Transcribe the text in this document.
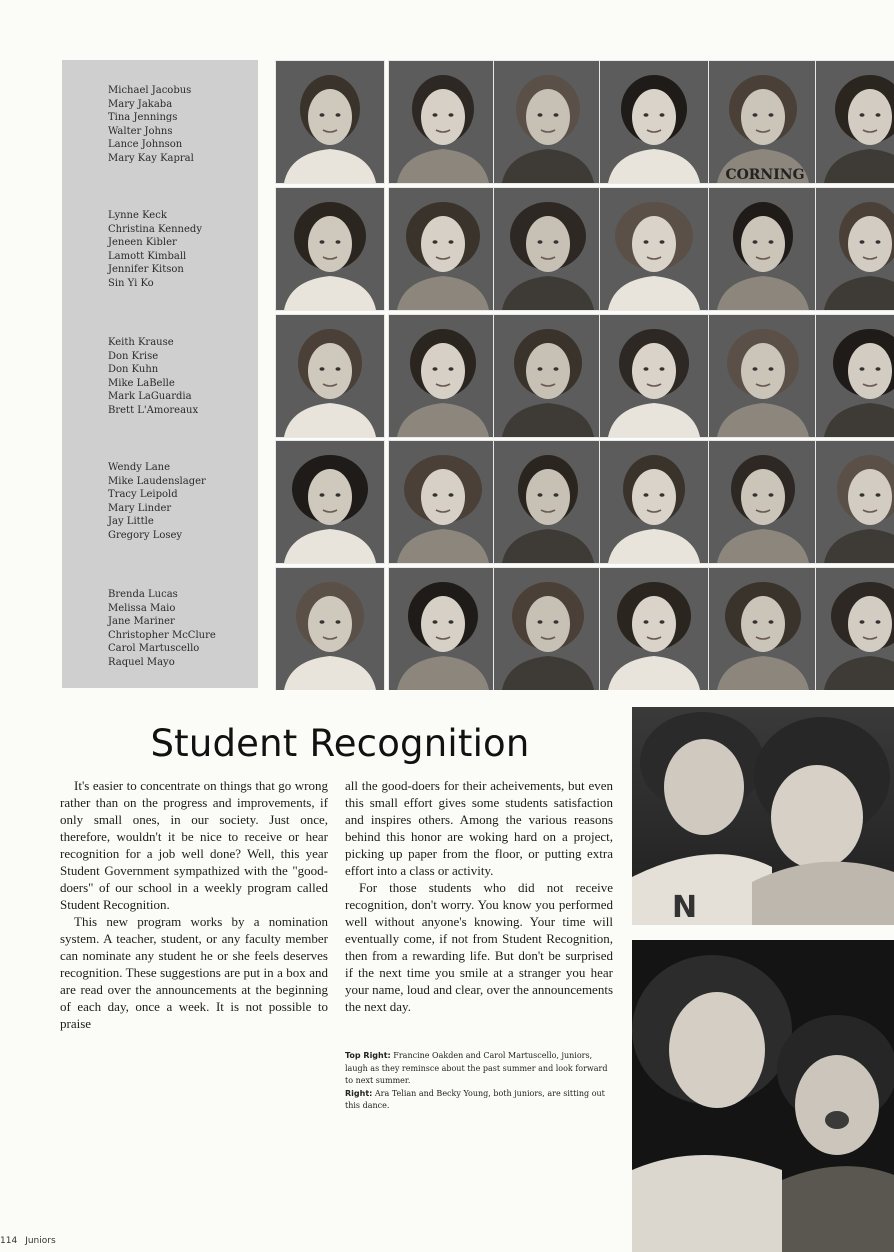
Michael Jacobus
Mary Jakaba
Tina Jennings
Walter Johns
Lance Johnson
Mary Kay Kapral
Lynne Keck
Christina Kennedy
Jeneen Kibler
Lamott Kimball
Jennifer Kitson
Sin Yi Ko
Keith Krause
Don Krise
Don Kuhn
Mike LaBelle
Mark LaGuardia
Brett L'Amoreaux
Wendy Lane
Mike Laudenslager
Tracy Leipold
Mary Linder
Jay Little
Gregory Losey
Brenda Lucas
Melissa Maio
Jane Mariner
Christopher McClure
Carol Martuscello
Raquel Mayo
CORNING
Student Recognition

It's easier to concentrate on things that go wrong rather than on the progress and improvements, if only small ones, in our society. Just once, therefore, wouldn't it be nice to receive or hear recognition for a job well done? Well, this year Student Government sympathized with the "good-doers" of our school in a weekly program called Student Recognition.

This new program works by a nomination system. A teacher, student, or any faculty member can nominate any student he or she feels deserves recognition. These suggestions are put in a box and are read over the announcements at the beginning of each day, once a week. It is not possible to praise

all the good-doers for their acheivements, but even this small effort gives some students satisfaction and inspires others. Among the various reasons behind this honor are woking hard on a project, picking up paper from the floor, or putting extra effort into a class or activity.

For those students who did not receive recognition, don't worry. You know you performed well without anyone's knowing. Your time will eventually come, if not from Student Recognition, then from a rewarding life. But don't be surprised if the next time you smile at a stranger you hear your name, loud and clear, over the announcements the next day.

Top Right: Francine Oakden and Carol Martuscello, juniors, laugh as they reminsce about the past summer and look forward to next summer.
Right: Ara Telian and Becky Young, both juniors, are sitting out this dance.
N
114 Juniors
